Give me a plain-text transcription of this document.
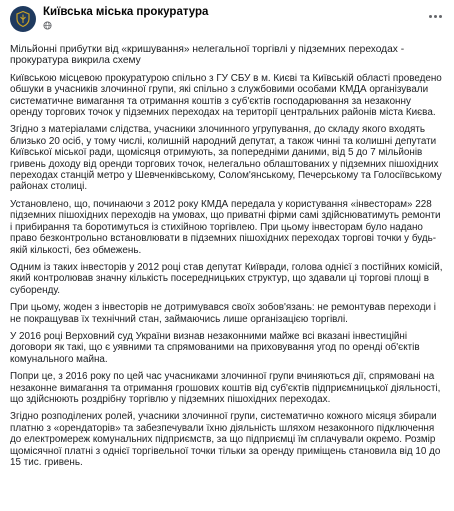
Київська міська прокуратура

Мільйонні прибутки від «кришування» нелегальної торгівлі у підземних переходах - прокуратура викрила схему

Київською місцевою прокуратурою спільно з ГУ СБУ в м. Києві та Київській області проведено обшуки в учасників злочинної групи, які спільно з службовими особами КМДА організували систематичне вимагання та отримання коштів з суб'єктів господарювання за незаконну оренду торгових точок у підземних переходах на території центральних районів міста Києва.

Згідно з матеріалами слідства, учасники злочинного угрупування, до складу якого входять близько 20 осіб, у тому числі, колишній народний депутат, а також чинні та колишні депутати Київської міської ради, щомісяця отримують, за попередніми даними, від 5 до 7 мільйонів гривень доходу від оренди торгових точок, нелегально облаштованих у підземних пішохідних переходах станцій метро у Шевченківському, Солом'янському, Печерському та Голосіївському районах столиці.

Установлено, що, починаючи з 2012 року КМДА передала у користування «інвесторам» 228 підземних пішохідних переходів на умовах, що приватні фірми самі здійснюватимуть ремонти і прибирання та боротимуться із стихійною торгівлею. При цьому інвесторам було надано право безконтрольно встановлювати в підземних пішохідних переходах торгові точки у будь-якій кількості, без обмежень.

Одним із таких інвесторів у 2012 році став депутат Київради, голова однієї з постійних комісій, який контролював значну кількість посередницьких структур, що здавали ці торгові площі в суборенду.

При цьому, жоден з інвесторів не дотримувався своїх зобов'язань: не ремонтував переходи і не покращував їх технічний стан, займаючись лише організацією торгівлі.

У 2016 році Верховний суд України визнав незаконними майже всі вказані інвестиційні договори як такі, що є уявними та спрямованими на приховування угод по оренді об'єктів комунального майна.

Попри це, з 2016 року по цей час учасниками злочинної групи вчиняються дії, спрямовані на незаконне вимагання та отримання грошових коштів від суб'єктів підприємницької діяльності, що здійснюють роздрібну торгівлю у підземних пішохідних переходах.

Згідно розподілених ролей, учасники злочинної групи, систематично кожного місяця збирали платню з «орендаторів» та забезпечували їхню діяльність шляхом незаконного підключення до електромереж комунальних підприємств, за що підприємці їм сплачували окремо. Розмір щомісячної платні з однієї торгівельної точки тільки за оренду приміщень становила від 10 до 15 тис. гривень.
